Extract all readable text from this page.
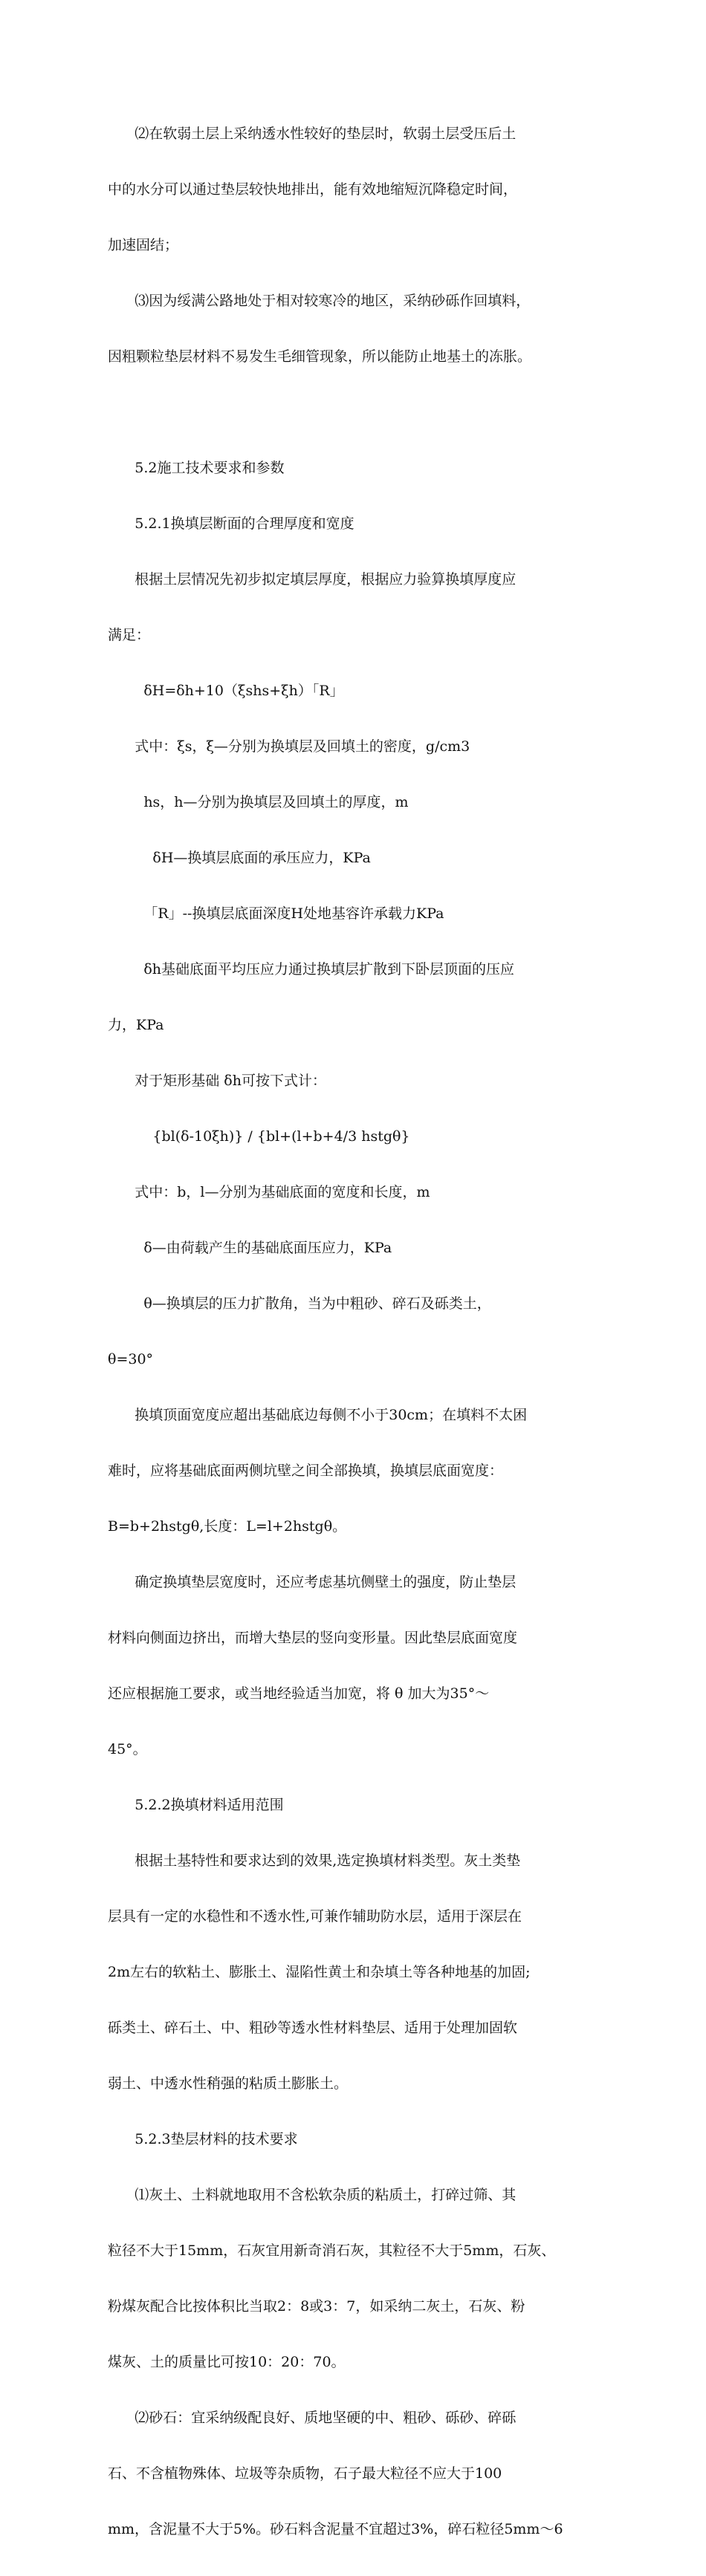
⑵在软弱土层上采纳透水性较好的垫层时，软弱土层受压后土

中的水分可以通过垫层较快地排出，能有效地缩短沉降稳定时间，

加速固结；

⑶因为绥满公路地处于相对较寒冷的地区，采纳砂砾作回填料，

因粗颗粒垫层材料不易发生毛细管现象，所以能防止地基土的冻胀。

5.2施工技术要求和参数

5.2.1换填层断面的合理厚度和宽度

根据土层情况先初步拟定填层厚度，根据应力验算换填厚度应

满足：

δH=δh+10（ξshs+ξh）「R」

式中：ξs，ξ—分别为换填层及回填土的密度，g/cm3

hs，h—分别为换填层及回填土的厚度，m

δH—换填层底面的承压应力，KPa

「R」--换填层底面深度H处地基容许承载力KPa

δh基础底面平均压应力通过换填层扩散到下卧层顶面的压应

力，KPa

对于矩形基础 δh可按下式计：

{bl(δ-10ξh)} / {bl+(l+b+4/3 hstgθ}

式中：b，l—分别为基础底面的宽度和长度，m

δ—由荷载产生的基础底面压应力，KPa

θ—换填层的压力扩散角，当为中粗砂、碎石及砾类土，

θ=30°

换填顶面宽度应超出基础底边每侧不小于30cm；在填料不太困

难时，应将基础底面两侧坑壁之间全部换填，换填层底面宽度：

B=b+2hstgθ,长度：L=l+2hstgθ。

确定换填垫层宽度时，还应考虑基坑侧壁土的强度，防止垫层

材料向侧面边挤出，而增大垫层的竖向变形量。因此垫层底面宽度

还应根据施工要求，或当地经验适当加宽，将 θ 加大为35°～

45°。

5.2.2换填材料适用范围

根据土基特性和要求达到的效果,选定换填材料类型。灰土类垫

层具有一定的水稳性和不透水性,可兼作辅助防水层，适用于深层在

2m左右的软粘土、膨胀土、湿陷性黄土和杂填土等各种地基的加固;

砾类土、碎石土、中、粗砂等透水性材料垫层、适用于处理加固软

弱土、中透水性稍强的粘质土膨胀土。

5.2.3垫层材料的技术要求

⑴灰土、土料就地取用不含松软杂质的粘质土，打碎过筛、其

粒径不大于15mm，石灰宜用新奇消石灰，其粒径不大于5mm，石灰、

粉煤灰配合比按体积比当取2：8或3：7，如采纳二灰土，石灰、粉

煤灰、土的质量比可按10：20：70。

⑵砂石：宜采纳级配良好、质地坚硬的中、粗砂、砾砂、碎砾

石、不含植物殊体、垃圾等杂质物，石子最大粒径不应大于100

mm，含泥量不大于5%。砂石料含泥量不宜超过3%，碎石粒径5mm～6
